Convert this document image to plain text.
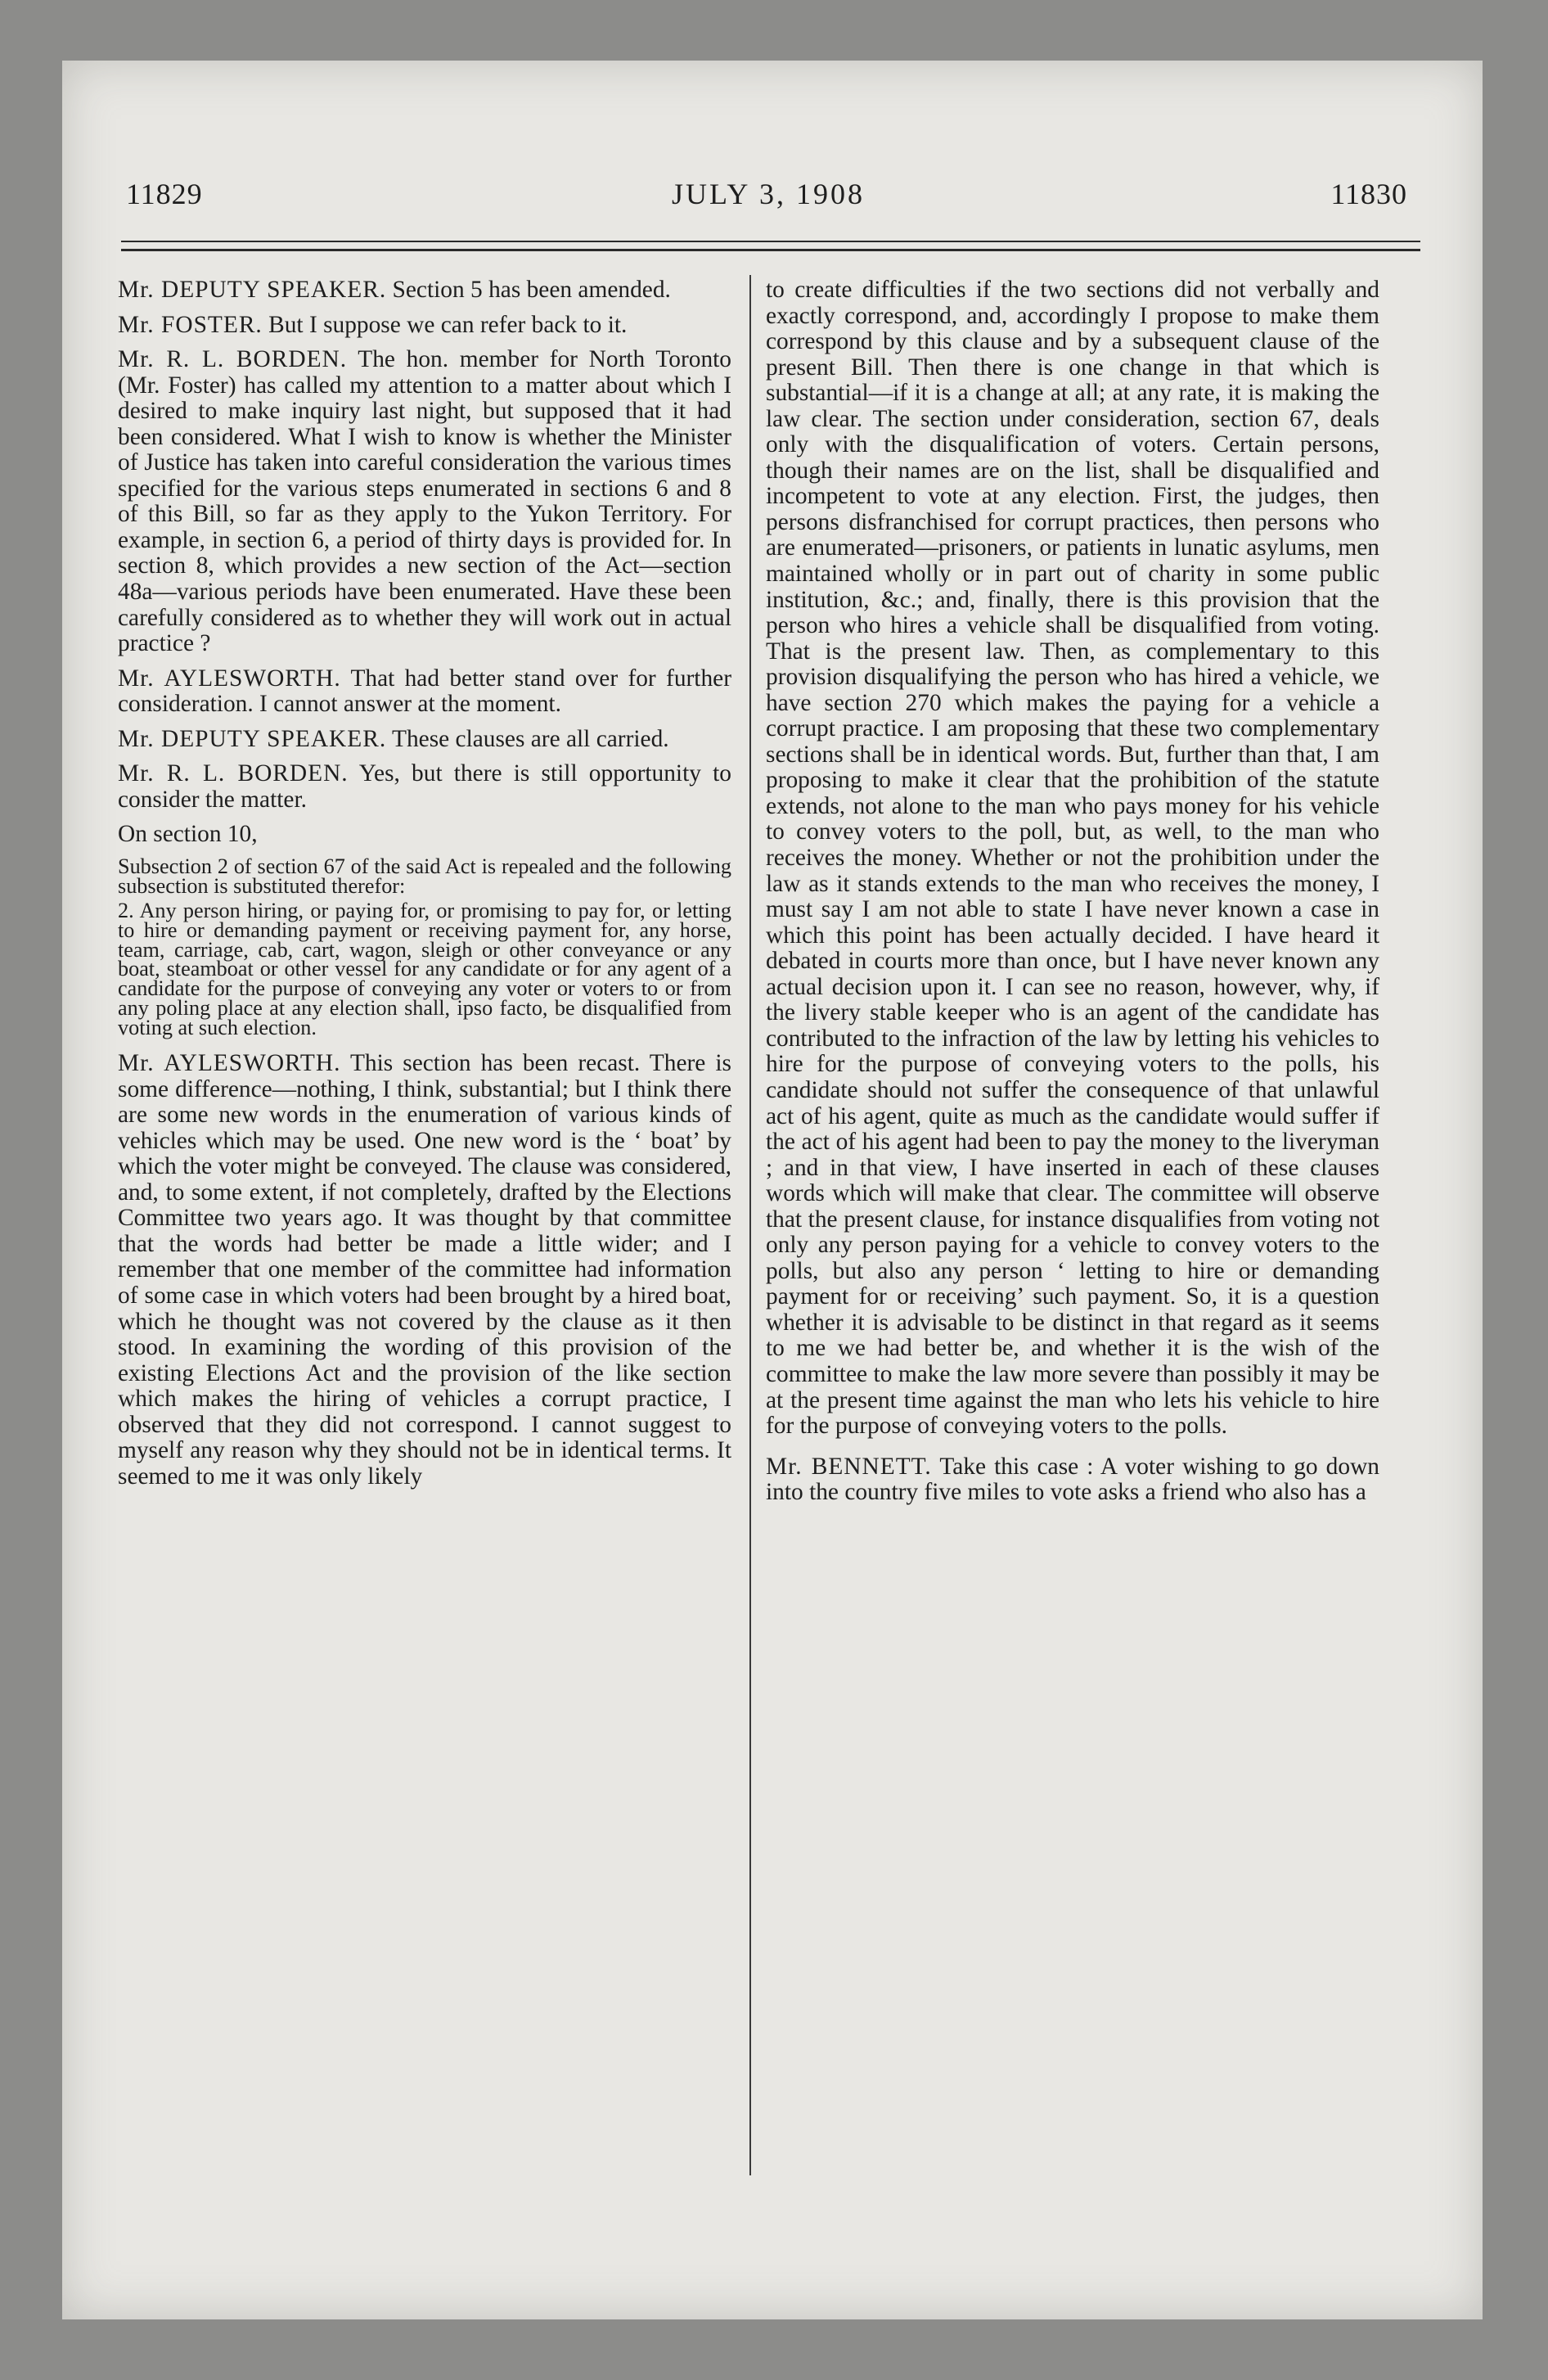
11829	JULY 3, 1908	11830

Mr. DEPUTY SPEAKER. Section 5 has been amended.

Mr. FOSTER. But I suppose we can refer back to it.

Mr. R. L. BORDEN. The hon. member for North Toronto (Mr. Foster) has called my attention to a matter about which I desired to make inquiry last night, but supposed that it had been considered. What I wish to know is whether the Minister of Justice has taken into careful consideration the various times specified for the various steps enumerated in sections 6 and 8 of this Bill, so far as they apply to the Yukon Territory. For example, in section 6, a period of thirty days is provided for. In section 8, which provides a new section of the Act—section 48a—various periods have been enumerated. Have these been carefully considered as to whether they will work out in actual practice ?

Mr. AYLESWORTH. That had better stand over for further consideration. I cannot answer at the moment.

Mr. DEPUTY SPEAKER. These clauses are all carried.

Mr. R. L. BORDEN. Yes, but there is still opportunity to consider the matter.

On section 10,

Subsection 2 of section 67 of the said Act is repealed and the following subsection is substituted therefor:

2. Any person hiring, or paying for, or promising to pay for, or letting to hire or demanding payment or receiving payment for, any horse, team, carriage, cab, cart, wagon, sleigh or other conveyance or any boat, steamboat or other vessel for any candidate or for any agent of a candidate for the purpose of conveying any voter or voters to or from any poling place at any election shall, ipso facto, be disqualified from voting at such election.

Mr. AYLESWORTH. This section has been recast. There is some difference—nothing, I think, substantial; but I think there are some new words in the enumeration of various kinds of vehicles which may be used. One new word is the ‘ boat’ by which the voter might be conveyed. The clause was considered, and, to some extent, if not completely, drafted by the Elections Committee two years ago. It was thought by that committee that the words had better be made a little wider; and I remember that one member of the committee had information of some case in which voters had been brought by a hired boat, which he thought was not covered by the clause as it then stood. In examining the wording of this provision of the existing Elections Act and the provision of the like section which makes the hiring of vehicles a corrupt practice, I observed that they did not correspond. I cannot suggest to myself any reason why they should not be in identical terms. It seemed to me it was only likely

to create difficulties if the two sections did not verbally and exactly correspond, and, accordingly I propose to make them correspond by this clause and by a subsequent clause of the present Bill. Then there is one change in that which is substantial—if it is a change at all; at any rate, it is making the law clear. The section under consideration, section 67, deals only with the disqualification of voters. Certain persons, though their names are on the list, shall be disqualified and incompetent to vote at any election. First, the judges, then persons disfranchised for corrupt practices, then persons who are enumerated—prisoners, or patients in lunatic asylums, men maintained wholly or in part out of charity in some public institution, &c.; and, finally, there is this provision that the person who hires a vehicle shall be disqualified from voting. That is the present law. Then, as complementary to this provision disqualifying the person who has hired a vehicle, we have section 270 which makes the paying for a vehicle a corrupt practice. I am proposing that these two complementary sections shall be in identical words. But, further than that, I am proposing to make it clear that the prohibition of the statute extends, not alone to the man who pays money for his vehicle to convey voters to the poll, but, as well, to the man who receives the money. Whether or not the prohibition under the law as it stands extends to the man who receives the money, I must say I am not able to state I have never known a case in which this point has been actually decided. I have heard it debated in courts more than once, but I have never known any actual decision upon it. I can see no reason, however, why, if the livery stable keeper who is an agent of the candidate has contributed to the infraction of the law by letting his vehicles to hire for the purpose of conveying voters to the polls, his candidate should not suffer the consequence of that unlawful act of his agent, quite as much as the candidate would suffer if the act of his agent had been to pay the money to the liveryman ; and in that view, I have inserted in each of these clauses words which will make that clear. The committee will observe that the present clause, for instance disqualifies from voting not only any person paying for a vehicle to convey voters to the polls, but also any person ‘ letting to hire or demanding payment for or receiving’ such payment. So, it is a question whether it is advisable to be distinct in that regard as it seems to me we had better be, and whether it is the wish of the committee to make the law more severe than possibly it may be at the present time against the man who lets his vehicle to hire for the purpose of conveying voters to the polls.

Mr. BENNETT. Take this case : A voter wishing to go down into the country five miles to vote asks a friend who also has a
